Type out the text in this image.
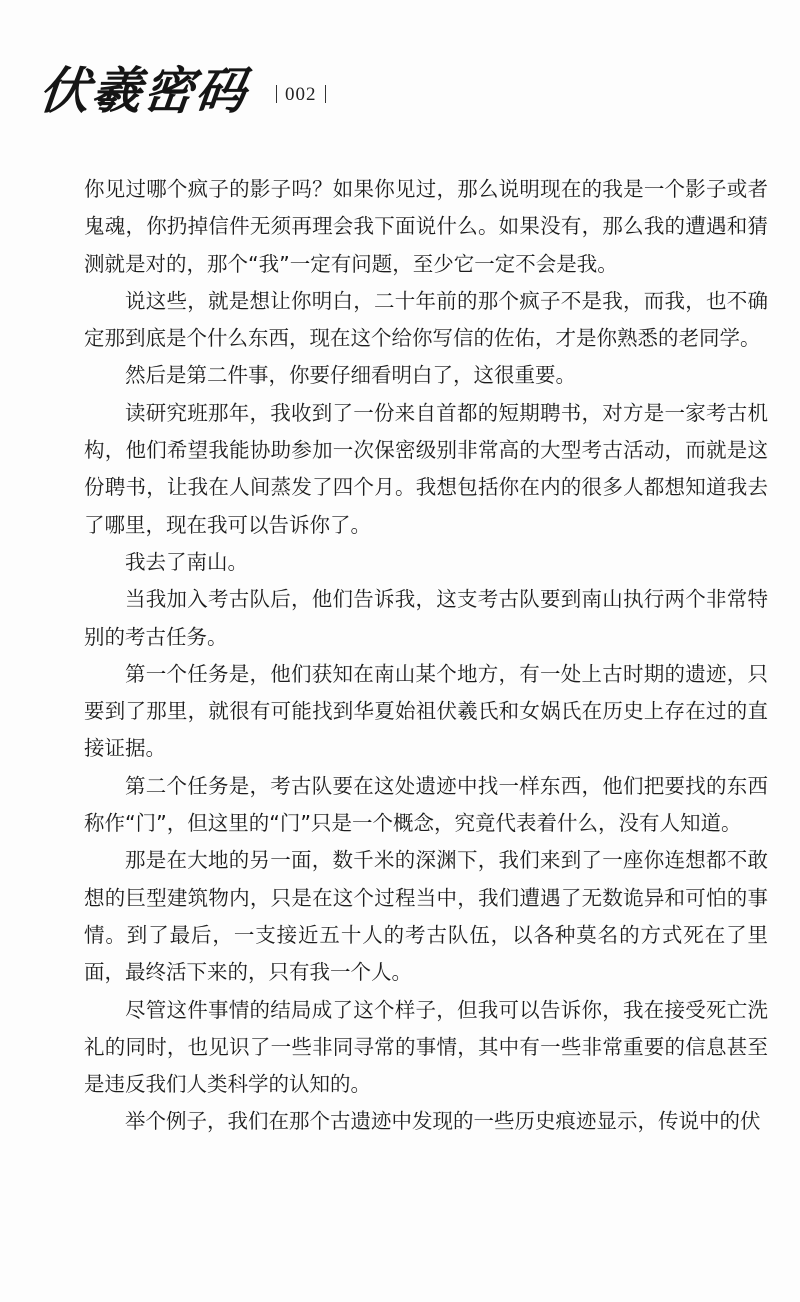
伏羲密码	002

你见过哪个疯子的影子吗？如果你见过，那么说明现在的我是一个影子或者鬼魂，你扔掉信件无须再理会我下面说什么。如果没有，那么我的遭遇和猜测就是对的，那个“我”一定有问题，至少它一定不会是我。

说这些，就是想让你明白，二十年前的那个疯子不是我，而我，也不确定那到底是个什么东西，现在这个给你写信的佐佑，才是你熟悉的老同学。

然后是第二件事，你要仔细看明白了，这很重要。

读研究班那年，我收到了一份来自首都的短期聘书，对方是一家考古机构，他们希望我能协助参加一次保密级别非常高的大型考古活动，而就是这份聘书，让我在人间蒸发了四个月。我想包括你在内的很多人都想知道我去了哪里，现在我可以告诉你了。

我去了南山。

当我加入考古队后，他们告诉我，这支考古队要到南山执行两个非常特别的考古任务。

第一个任务是，他们获知在南山某个地方，有一处上古时期的遗迹，只要到了那里，就很有可能找到华夏始祖伏羲氏和女娲氏在历史上存在过的直接证据。

第二个任务是，考古队要在这处遗迹中找一样东西，他们把要找的东西称作“门”，但这里的“门”只是一个概念，究竟代表着什么，没有人知道。

那是在大地的另一面，数千米的深渊下，我们来到了一座你连想都不敢想的巨型建筑物内，只是在这个过程当中，我们遭遇了无数诡异和可怕的事情。到了最后，一支接近五十人的考古队伍，以各种莫名的方式死在了里面，最终活下来的，只有我一个人。

尽管这件事情的结局成了这个样子，但我可以告诉你，我在接受死亡洗礼的同时，也见识了一些非同寻常的事情，其中有一些非常重要的信息甚至是违反我们人类科学的认知的。

举个例子，我们在那个古遗迹中发现的一些历史痕迹显示，传说中的伏
